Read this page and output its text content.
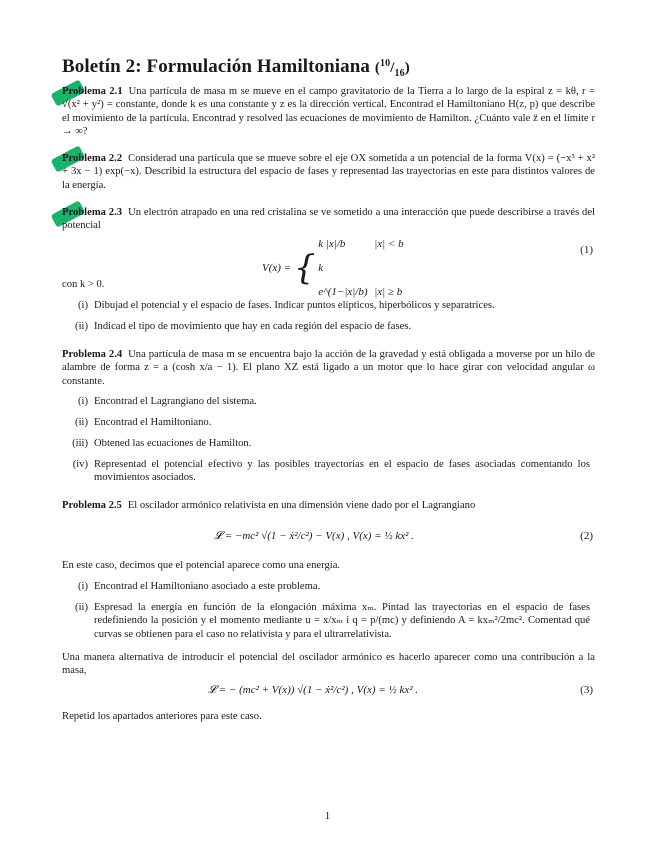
Boletín 2: Formulación Hamiltoniana $(^{10}/_{16})$

Problema 2.1 Una partícula de masa m se mueve en el campo gravitatorio de la Tierra a lo largo de la espiral z = kθ, r = √(x² + y²) = constante, donde k es una constante y z es la dirección vertical. Encontrad el Hamiltoniano H(z, p) que describe el movimiento de la partícula. Encontrad y resolved las ecuaciones de movimiento de Hamilton. ¿Cuánto vale z̈ en el límite r → ∞?

Problema 2.2 Considerad una partícula que se mueve sobre el eje OX sometida a un potencial de la forma V(x) = (−x³ + x² + 3x − 1) exp(−x). Describid la estructura del espacio de fases y representad las trayectorias en este para distintos valores de la energía.

Problema 2.3 Un electrón atrapado en una red cristalina se ve sometido a una interacción que puede describirse a través del potencial

V(x) = {
k |x|/b	|x| < b
k e^(1−|x|/b) |x| ≥ b
(1)

con k > 0.

(i) Dibujad el potencial y el espacio de fases. Indicar puntos elípticos, hiperbólicos y separatrices.
(ii) Indicad el tipo de movimiento que hay en cada región del espacio de fases.

Problema 2.4 Una partícula de masa m se encuentra bajo la acción de la gravedad y está obligada a moverse por un hilo de alambre de forma z = a (cosh x/a − 1). El plano XZ está ligado a un motor que lo hace girar con velocidad angular ω constante.

(i) Encontrad el Lagrangiano del sistema.
(ii) Encontrad el Hamiltoniano.
(iii) Obtened las ecuaciones de Hamilton.
(iv) Representad el potencial efectivo y las posibles trayectorias en el espacio de fases asociadas comentando los movimientos asociados.

Problema 2.5 El oscilador armónico relativista en una dimensión viene dado por el Lagrangiano

𝓛 = −mc² √(1 − ẋ²/c²) − V(x) , V(x) = ½ kx² .	(2)

En este caso, decimos que el potencial aparece como una energía.

(i) Encontrad el Hamiltoniano asociado a este problema.
(ii) Espresad la energía en función de la elongación máxima xₘ. Pintad las trayectorias en el espacio de fases redefiniendo la posición y el momento mediante u = x/xₘ i q = p/(mc) y definiendo A = kxₘ²/2mc². Comentad qué curvas se obtienen para el caso no relativista y para el ultrarrelativista.

Una manera alternativa de introducir el potencial del oscilador armónico es hacerlo aparecer como una contribución a la masa,

𝓛 = − (mc² + V(x)) √(1 − ẋ²/c²) , V(x) = ½ kx² .	(3)

Repetid los apartados anteriores para este caso.

1
